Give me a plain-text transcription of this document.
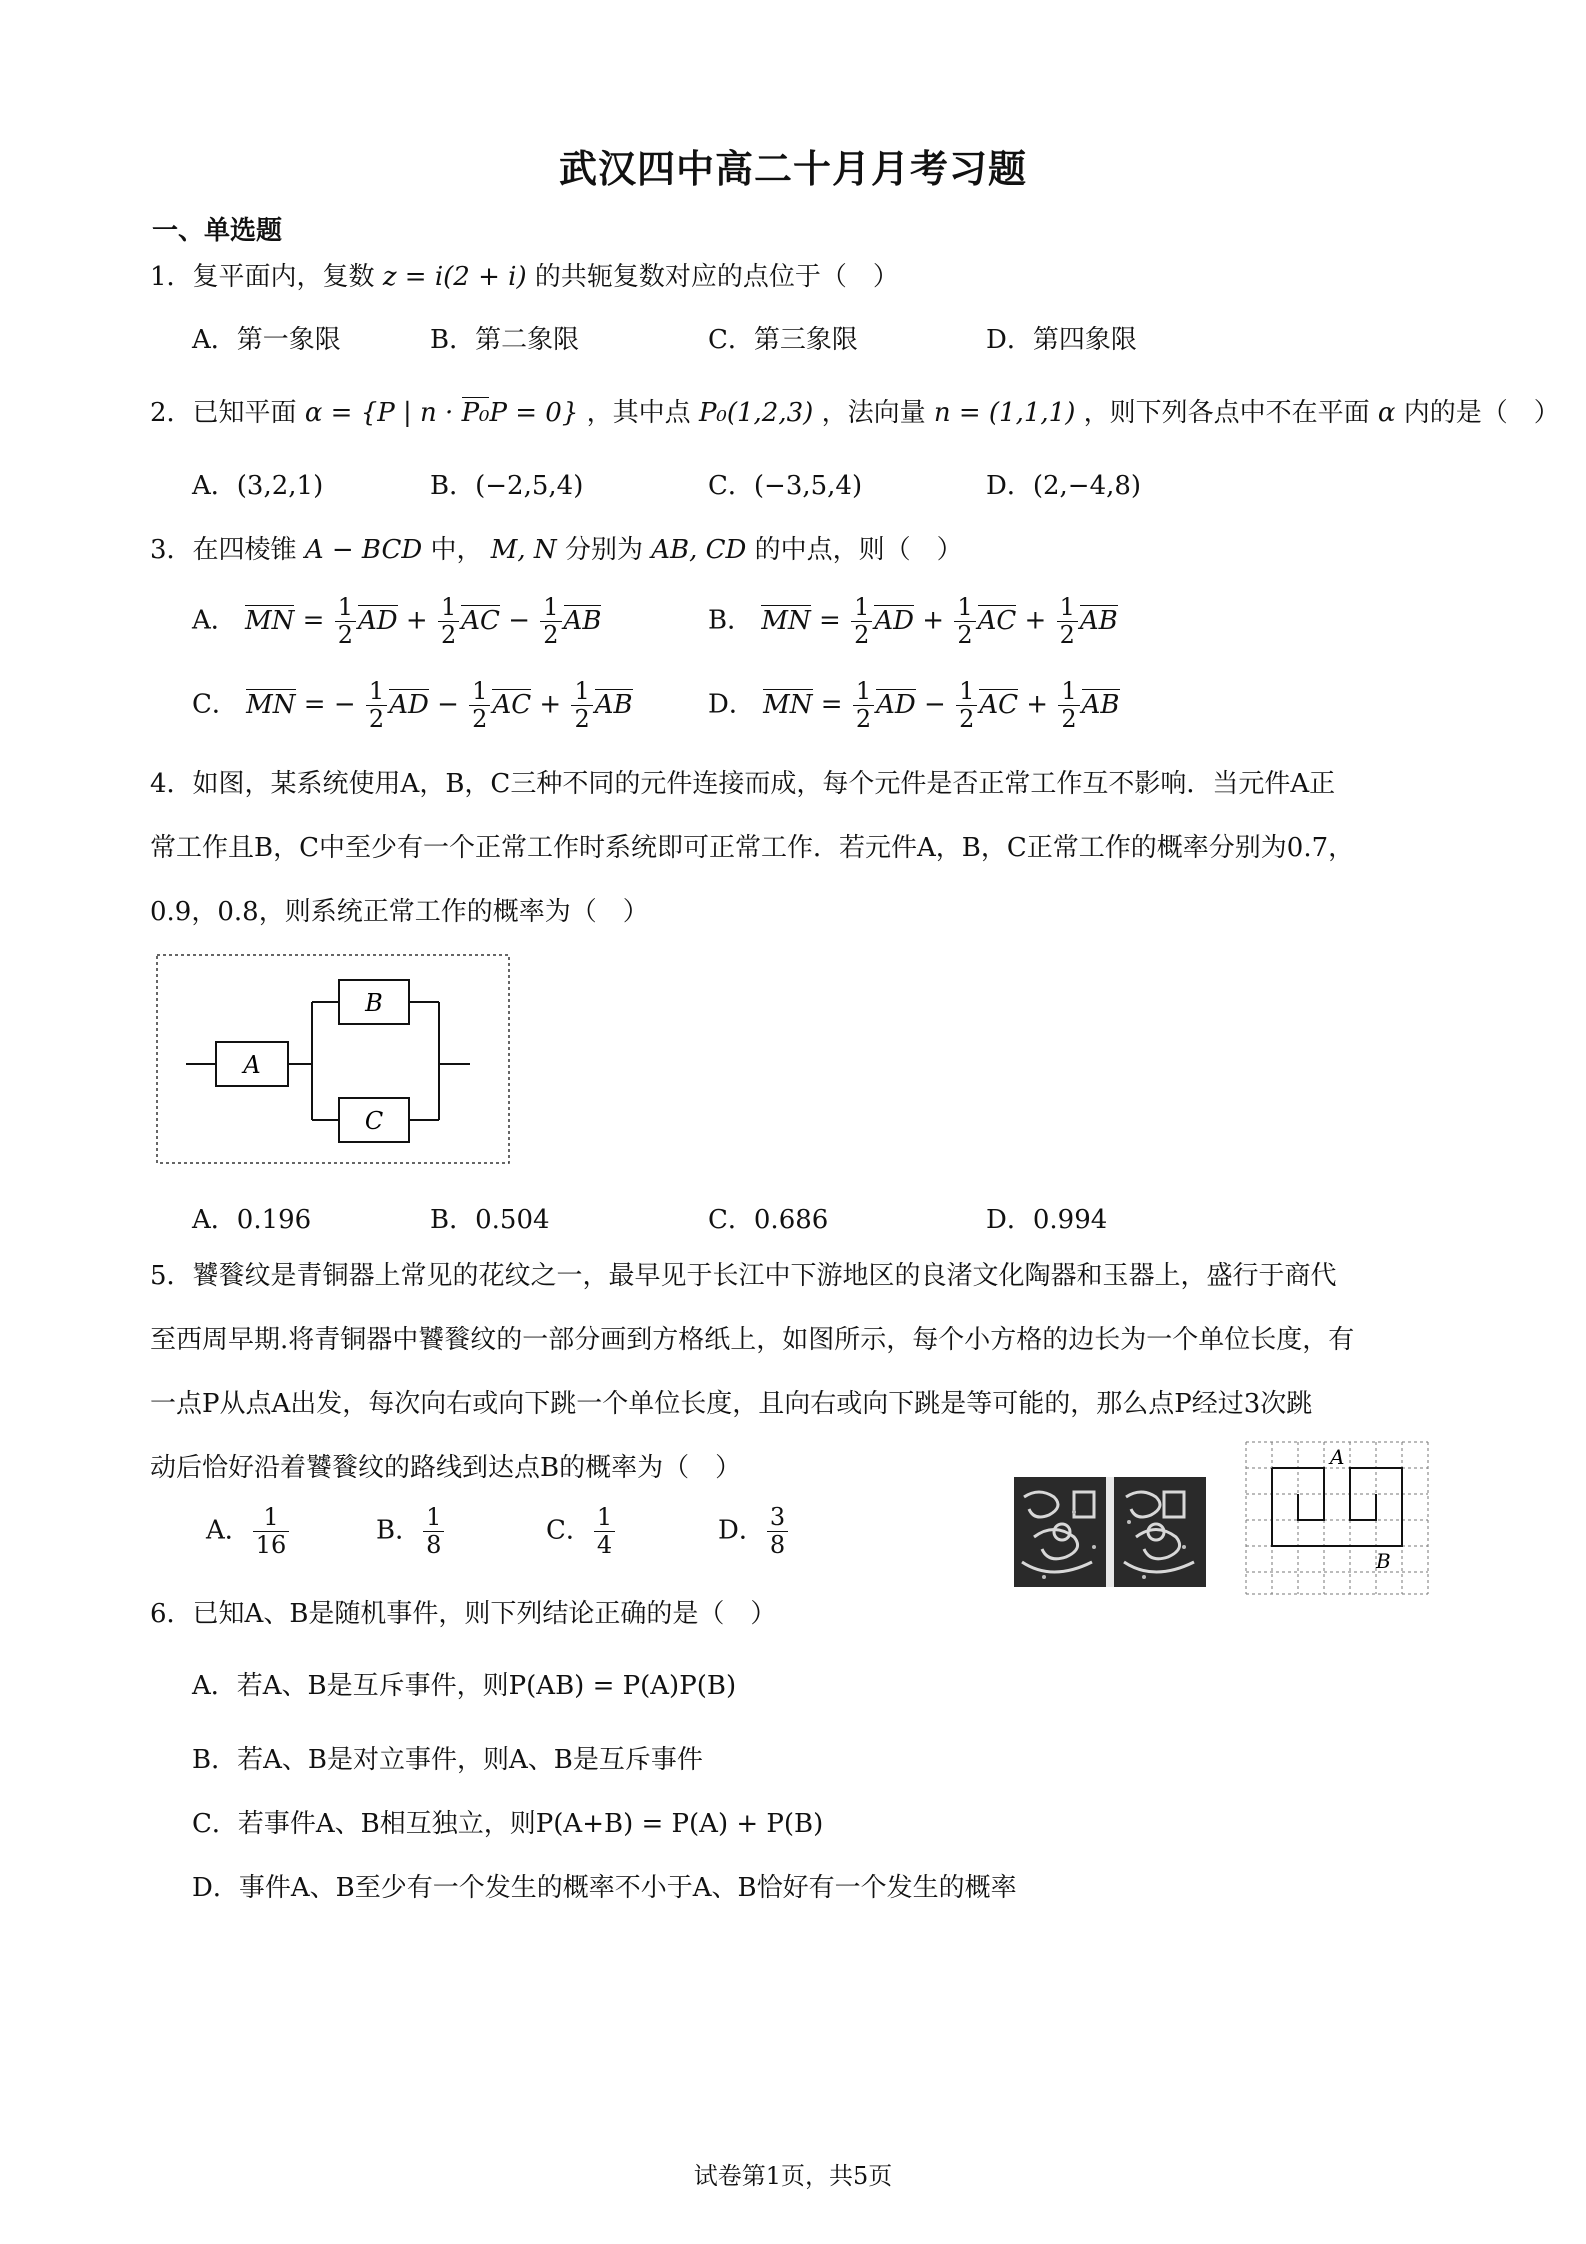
武汉四中高二十月月考习题
一、单选题
1．复平面内，复数 z = i(2 + i) 的共轭复数对应的点位于（　）
A．第一象限	B．第二象限	C．第三象限	D．第四象限
2．已知平面 α = {P | n · P₀P = 0} ，其中点 P₀(1,2,3) ，法向量 n = (1,1,1) ，则下列各点中不在平面 α 内的是（　）
A．(3,2,1)	B．(−2,5,4)	C．(−3,5,4)	D．(2,−4,8)
3．在四棱锥 A − BCD 中， M, N 分别为 AB, CD 的中点，则（　）
A． MN = $\frac{1}{2}$ AD + $\frac{1}{2}$ AC − $\frac{1}{2}$ AB	B． MN = $\frac{1}{2}$ AD + $\frac{1}{2}$ AC + $\frac{1}{2}$ AB
C． MN = − $\frac{1}{2}$ AD − $\frac{1}{2}$ AC + $\frac{1}{2}$ AB	D． MN = $\frac{1}{2}$ AD − $\frac{1}{2}$ AC + $\frac{1}{2}$ AB
4．如图，某系统使用A，B，C三种不同的元件连接而成，每个元件是否正常工作互不影响．当元件A正
常工作且B，C中至少有一个正常工作时系统即可正常工作．若元件A，B，C正常工作的概率分别为0.7，
0.9，0.8，则系统正常工作的概率为（　）
A
B
C
A．0.196	B．0.504	C．0.686	D．0.994
5．饕餮纹是青铜器上常见的花纹之一，最早见于长江中下游地区的良渚文化陶器和玉器上，盛行于商代
至西周早期.将青铜器中饕餮纹的一部分画到方格纸上，如图所示，每个小方格的边长为一个单位长度，有
一点P从点A出发，每次向右或向下跳一个单位长度，且向右或向下跳是等可能的，那么点P经过3次跳
动后恰好沿着饕餮纹的路线到达点B的概率为（　）
A． $\frac{1}{16}$	B． $\frac{1}{8}$	C． $\frac{1}{4}$	D． $\frac{3}{8}$
A
B
6．已知A、B是随机事件，则下列结论正确的是（　）
A．若A、B是互斥事件，则P(AB) = P(A)P(B)
B．若A、B是对立事件，则A、B是互斥事件
C．若事件A、B相互独立，则P(A+B) = P(A) + P(B)
D．事件A、B至少有一个发生的概率不小于A、B恰好有一个发生的概率
试卷第1页，共5页
